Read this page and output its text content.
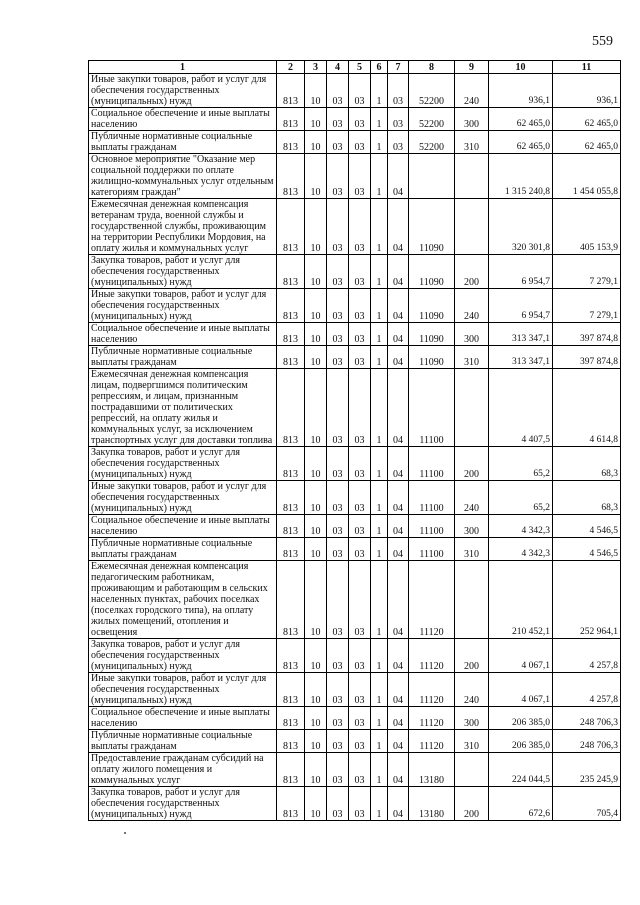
559
1	2	3	4	5	6	7	8	9	10	11
Иные закупки товаров, работ и услуг для обеспечения государственных (муниципальных) нужд	813	10	03	03	1	03	52200	240	936,1	936,1
Социальное обеспечение и иные выплаты населению	813	10	03	03	1	03	52200	300	62 465,0	62 465,0
Публичные нормативные социальные выплаты гражданам	813	10	03	03	1	03	52200	310	62 465,0	62 465,0
Основное мероприятие "Оказание мер социальной поддержки по оплате жилищно-коммунальных услуг отдельным категориям граждан"	813	10	03	03	1	04			1 315 240,8	1 454 055,8
Ежемесячная денежная компенсация ветеранам труда, военной службы и государственной службы, проживающим на территории Республики Мордовия, на оплату жилья и коммунальных услуг	813	10	03	03	1	04	11090		320 301,8	405 153,9
Закупка товаров, работ и услуг для обеспечения государственных (муниципальных) нужд	813	10	03	03	1	04	11090	200	6 954,7	7 279,1
Иные закупки товаров, работ и услуг для обеспечения государственных (муниципальных) нужд	813	10	03	03	1	04	11090	240	6 954,7	7 279,1
Социальное обеспечение и иные выплаты населению	813	10	03	03	1	04	11090	300	313 347,1	397 874,8
Публичные нормативные социальные выплаты гражданам	813	10	03	03	1	04	11090	310	313 347,1	397 874,8
Ежемесячная денежная компенсация лицам, подвергшимся политическим репрессиям, и лицам, признанным пострадавшими от политических репрессий, на оплату жилья и коммунальных услуг, за исключением транспортных услуг для доставки топлива	813	10	03	03	1	04	11100		4 407,5	4 614,8
Закупка товаров, работ и услуг для обеспечения государственных (муниципальных) нужд	813	10	03	03	1	04	11100	200	65,2	68,3
Иные закупки товаров, работ и услуг для обеспечения государственных (муниципальных) нужд	813	10	03	03	1	04	11100	240	65,2	68,3
Социальное обеспечение и иные выплаты населению	813	10	03	03	1	04	11100	300	4 342,3	4 546,5
Публичные нормативные социальные выплаты гражданам	813	10	03	03	1	04	11100	310	4 342,3	4 546,5
Ежемесячная денежная компенсация педагогическим работникам, проживающим и работающим в сельских населенных пунктах, рабочих поселках (поселках городского типа), на оплату жилых помещений, отопления и освещения	813	10	03	03	1	04	11120		210 452,1	252 964,1
Закупка товаров, работ и услуг для обеспечения государственных (муниципальных) нужд	813	10	03	03	1	04	11120	200	4 067,1	4 257,8
Иные закупки товаров, работ и услуг для обеспечения государственных (муниципальных) нужд	813	10	03	03	1	04	11120	240	4 067,1	4 257,8
Социальное обеспечение и иные выплаты населению	813	10	03	03	1	04	11120	300	206 385,0	248 706,3
Публичные нормативные социальные выплаты гражданам	813	10	03	03	1	04	11120	310	206 385,0	248 706,3
Предоставление гражданам субсидий на оплату жилого помещения и коммунальных услуг	813	10	03	03	1	04	13180		224 044,5	235 245,9
Закупка товаров, работ и услуг для обеспечения государственных (муниципальных) нужд	813	10	03	03	1	04	13180	200	672,6	705,4
